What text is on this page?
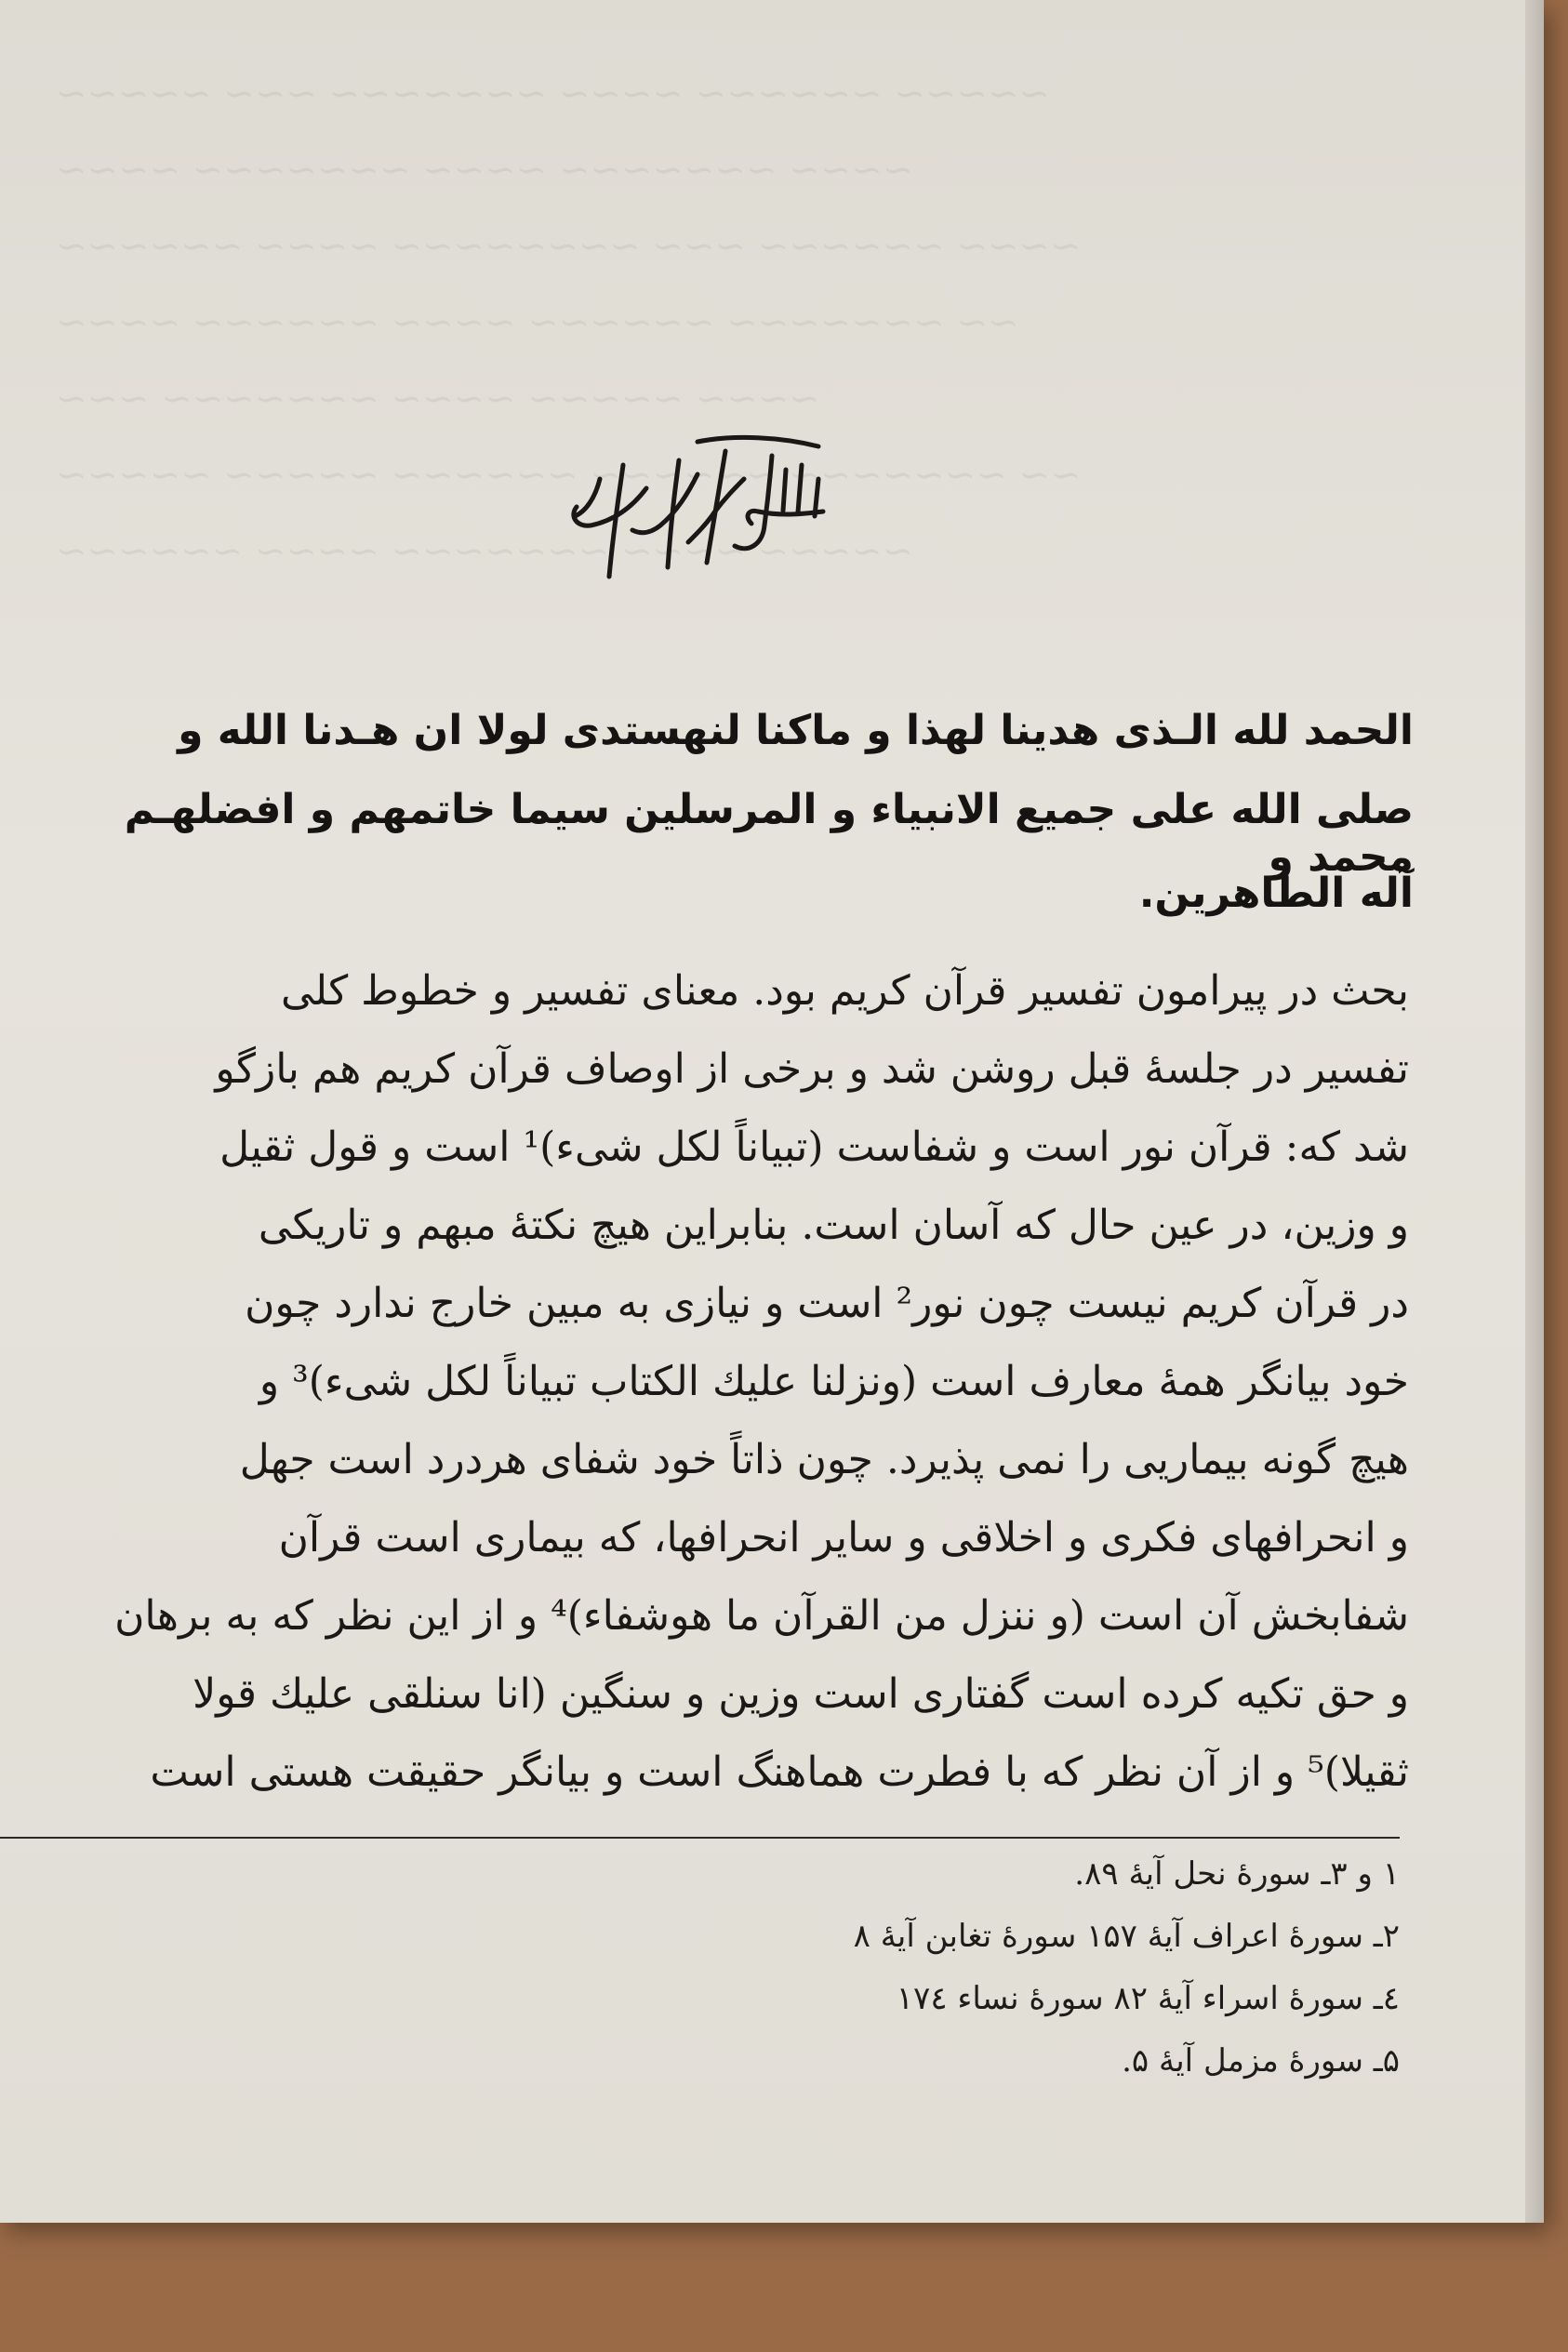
~~~~~ ~~~ ~~~~~~~ ~~~~ ~~~~~~ ~~~~~
~~~~ ~~~~~~~ ~~~~ ~~~~~~~ ~~~~
~~~~~~ ~~~~ ~~~~~~~~ ~~~ ~~~~~~ ~~~~
~~~~ ~~~~~~ ~~~~ ~~~~~~ ~~~~~~~ ~~
~~~ ~~~~~~~ ~~~~ ~~~~~ ~~~~
~~~~~ ~~~~~ ~~~~~~ ~~~~~~ ~~~~~~~ ~~
~~~~~~ ~~~~ ~~~~~~~ ~~~~ ~~~~~
الحمد لله الـذی هدینا لهذا و ماکنا لنهستدی لولا ان هـدنا الله و
صلی الله علی جمیع الانبیاء و المرسلین سیما خاتمهم و افضلهـم محمد و
آله الطاهرین.
بحث در پیرامون تفسیر قرآن کریم بود. معنای تفسیر و خطوط کلی
تفسیر در جلسهٔ قبل روشن شد و برخی از اوصاف قرآن کریم هم بازگو
شد که: قرآن نور است و شفاست (تبیاناً لکل شیء)¹ است و قول ثقیل
و وزین، در عین حال که آسان است. بنابراین هیچ نکتهٔ مبهم و تاریکی
در قرآن کریم نیست چون نور² است و نیازی به مبین خارج ندارد چون
خود بیانگر همهٔ معارف است (ونزلنا علیك الکتاب تبیاناً لکل شیء)³ و
هیچ گونه بیماریی را نمی پذیرد. چون ذاتاً خود شفای هردرد است جهل
و انحرافهای فکری و اخلاقی و سایر انحرافها، که بیماری است قرآن
شفابخش آن است (و ننزل من القرآن ما هوشفاء)⁴ و از این نظر که به برهان
و حق تکیه کرده است گفتاری است وزین و سنگین (انا سنلقی علیك قولا
ثقیلا)⁵ و از آن نظر که با فطرت هماهنگ است و بیانگر حقیقت هستی است
۱ و ۳ـ سورهٔ نحل آیهٔ ۸۹.
۲ـ سورهٔ اعراف آیهٔ ۱۵۷ سورهٔ تغابن آیهٔ ۸
٤ـ سورهٔ اسراء آیهٔ ۸۲ سورهٔ نساء ۱۷٤
۵ـ سورهٔ مزمل آیهٔ ۵.
